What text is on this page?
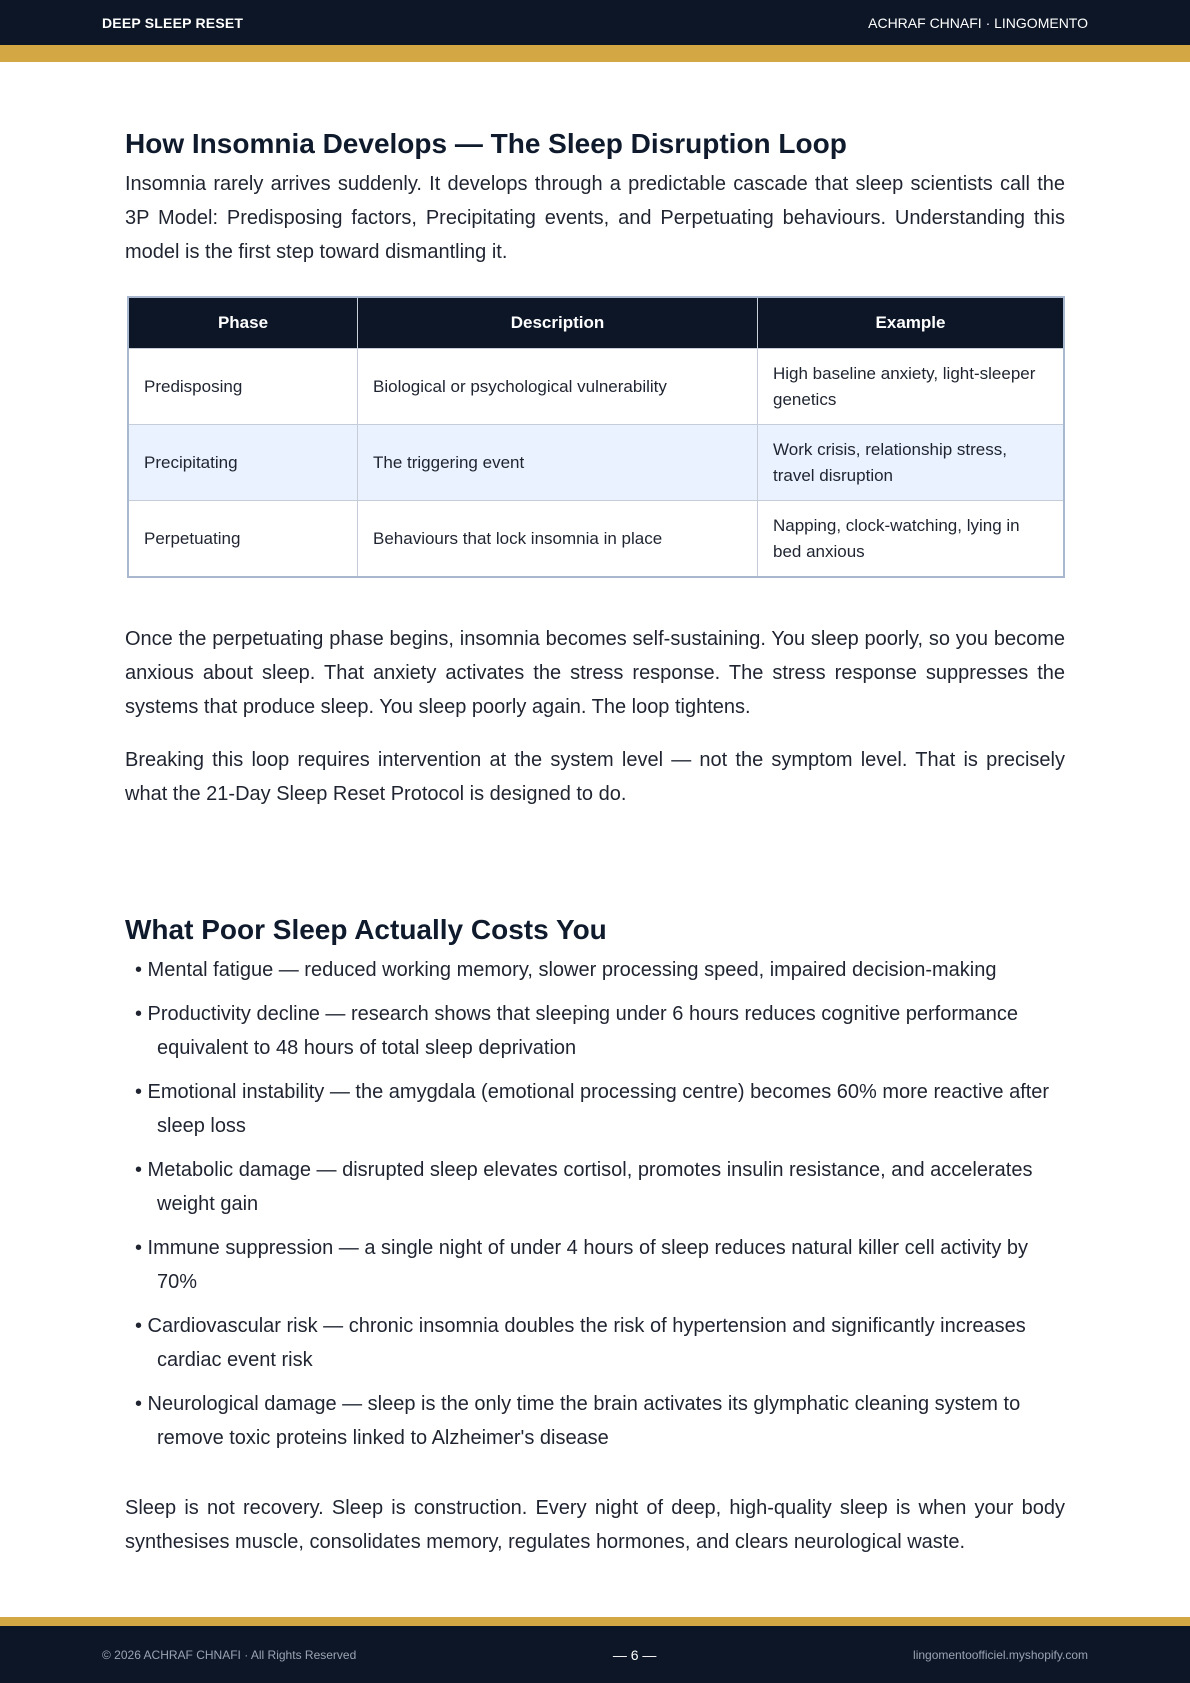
DEEP SLEEP RESET	ACHRAF CHNAFI · LINGOMENTO
How Insomnia Develops — The Sleep Disruption Loop

Insomnia rarely arrives suddenly. It develops through a predictable cascade that sleep scientists call the 3P Model: Predisposing factors, Precipitating events, and Perpetuating behaviours. Understanding this model is the first step toward dismantling it.

Phase	Description	Example
Predisposing	Biological or psychological vulnerability	High baseline anxiety, light-sleeper genetics
Precipitating	The triggering event	Work crisis, relationship stress, travel disruption
Perpetuating	Behaviours that lock insomnia in place	Napping, clock-watching, lying in bed anxious

Once the perpetuating phase begins, insomnia becomes self-sustaining. You sleep poorly, so you become anxious about sleep. That anxiety activates the stress response. The stress response suppresses the systems that produce sleep. You sleep poorly again. The loop tightens.

Breaking this loop requires intervention at the system level — not the symptom level. That is precisely what the 21-Day Sleep Reset Protocol is designed to do.

What Poor Sleep Actually Costs You
• Mental fatigue — reduced working memory, slower processing speed, impaired decision-making
• Productivity decline — research shows that sleeping under 6 hours reduces cognitive performance equivalent to 48 hours of total sleep deprivation
• Emotional instability — the amygdala (emotional processing centre) becomes 60% more reactive after sleep loss
• Metabolic damage — disrupted sleep elevates cortisol, promotes insulin resistance, and accelerates weight gain
• Immune suppression — a single night of under 4 hours of sleep reduces natural killer cell activity by 70%
• Cardiovascular risk — chronic insomnia doubles the risk of hypertension and significantly increases cardiac event risk
• Neurological damage — sleep is the only time the brain activates its glymphatic cleaning system to remove toxic proteins linked to Alzheimer's disease

Sleep is not recovery. Sleep is construction. Every night of deep, high-quality sleep is when your body synthesises muscle, consolidates memory, regulates hormones, and clears neurological waste.

© 2026 ACHRAF CHNAFI · All Rights Reserved	— 6 —	lingomentoofficiel.myshopify.com
